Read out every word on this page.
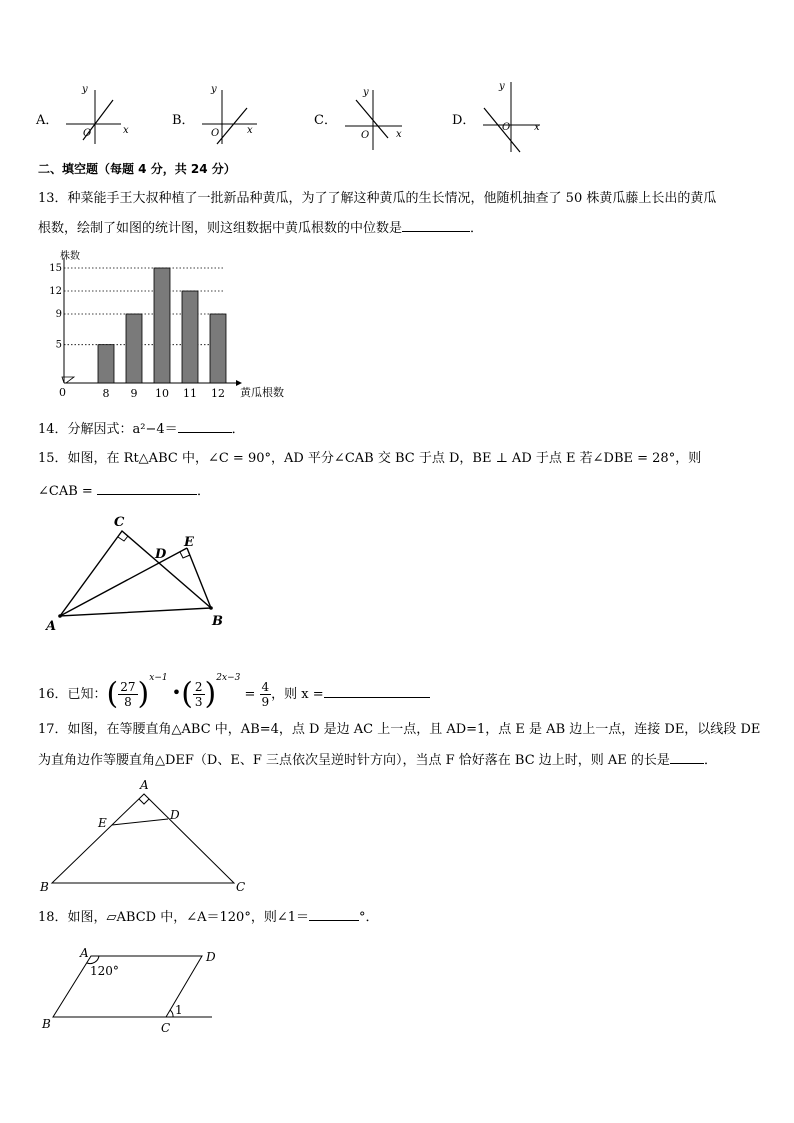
A．
y
x
O
B．
y
x
O
C．
y
x
O
D．
y
x
O
二、填空题（每题 4 分，共 24 分）
13．种菜能手王大叔种植了一批新品种黄瓜，为了了解这种黄瓜的生长情况，他随机抽查了 50 株黄瓜藤上长出的黄瓜
根数，绘制了如图的统计图，则这组数据中黄瓜根数的中位数是	．
株数
0	黄瓜根数
5
9
12
15
8 9 10 11 12
14．分解因式：a²−4＝	．
15．如图，在 Rt△ABC 中，∠C = 90°，AD 平分∠CAB 交 BC 于点 D，BE ⊥ AD 于点 E 若∠DBE = 28°，则
∠CAB =	．
C
D
E
A	B
16．已知：( $\frac{27}{8} )^{x-1}$ •( $\frac{2}{3} )^{2x-3} = \frac{4}{9}$ ，则 x =
17．如图，在等腰直角△ABC 中，AB=4，点 D 是边 AC 上一点，且 AD=1，点 E 是 AB 边上一点，连接 DE，以线段 DE
为直角边作等腰直角△DEF（D、E、F 三点依次呈逆时针方向），当点 F 恰好落在 BC 边上时，则 AE 的长是	．
A
E
D
B	C
18．如图，▱ABCD 中，∠A＝120°，则∠1＝	°．
A	D
B	C
120°
1
